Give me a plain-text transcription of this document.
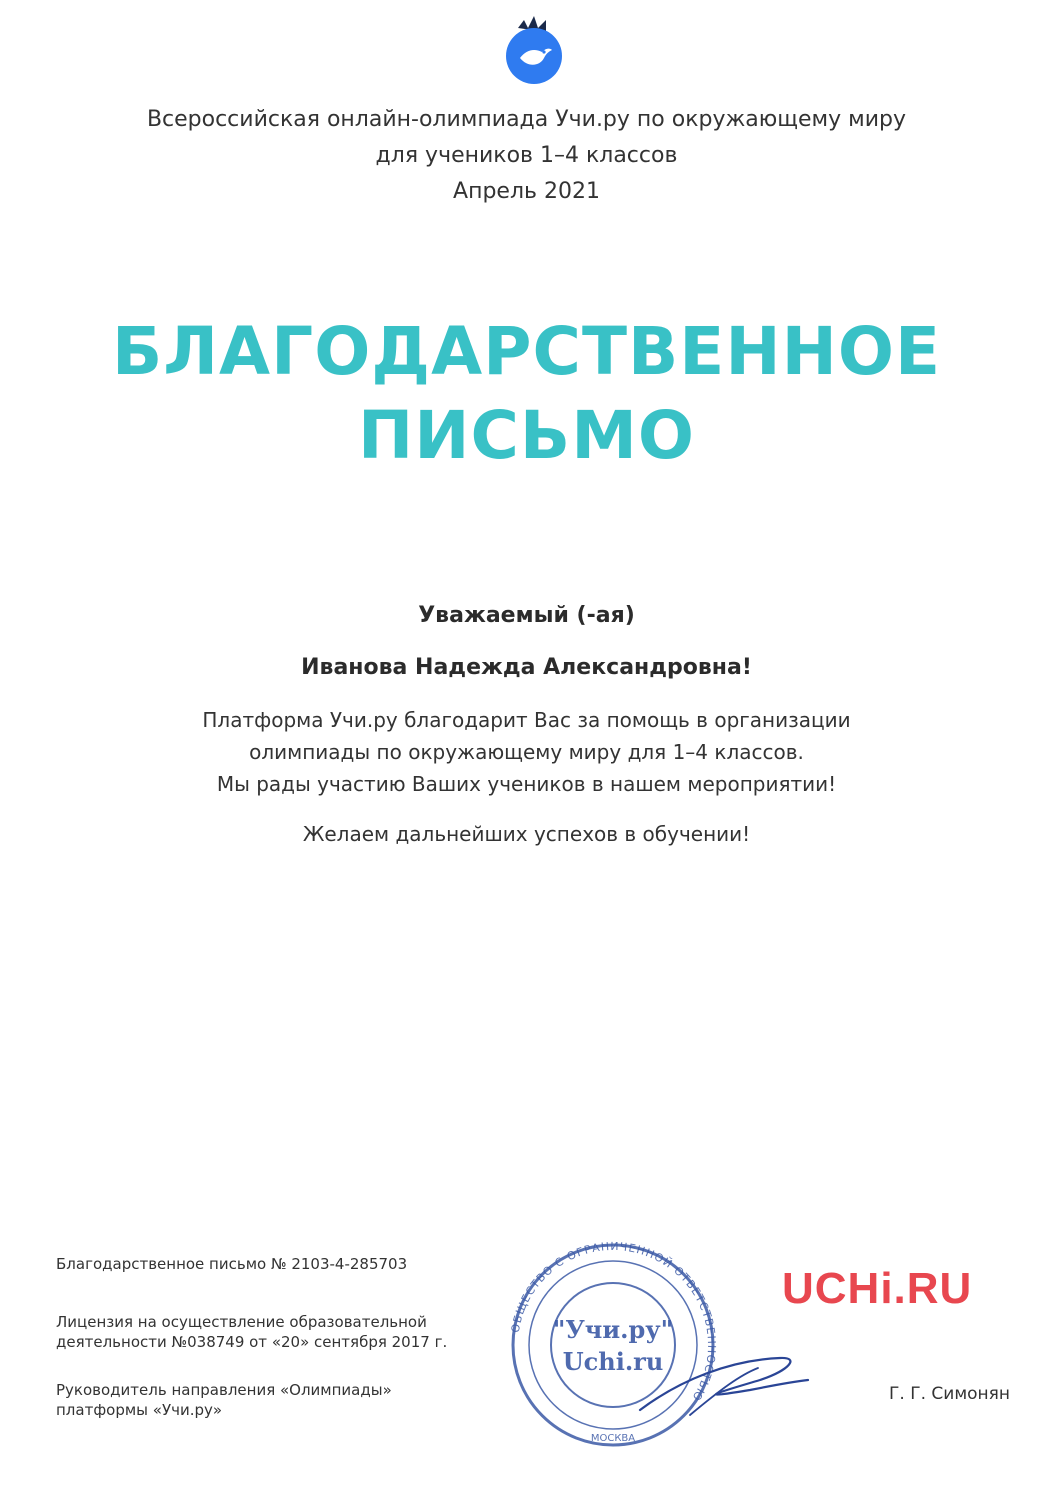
Всероссийская онлайн-олимпиада Учи.ру по окружающему миру
для учеников 1–4 классов
Апрель 2021
БЛАГОДАРСТВЕННОЕ
ПИСЬМО
Уважаемый (-ая)
Иванова Надежда Александровна!
Платформа Учи.ру благодарит Вас за помощь в организации
олимпиады по окружающему миру для 1–4 классов.
Мы рады участию Ваших учеников в нашем мероприятии!
Желаем дальнейших успехов в обучении!
Благодарственное письмо № 2103-4-285703
Лицензия на осуществление образовательной
деятельности №038749 от «20» сентября 2017 г.
Руководитель направления «Олимпиады»
платформы «Учи.ру»
ОБЩЕСТВО С ОГРАНИЧЕННОЙ ОТВЕТСТВЕННОСТЬЮ
МОСКВА
"Учи.ру"
Uchi.ru
UCHi.RU
Г. Г. Симонян
